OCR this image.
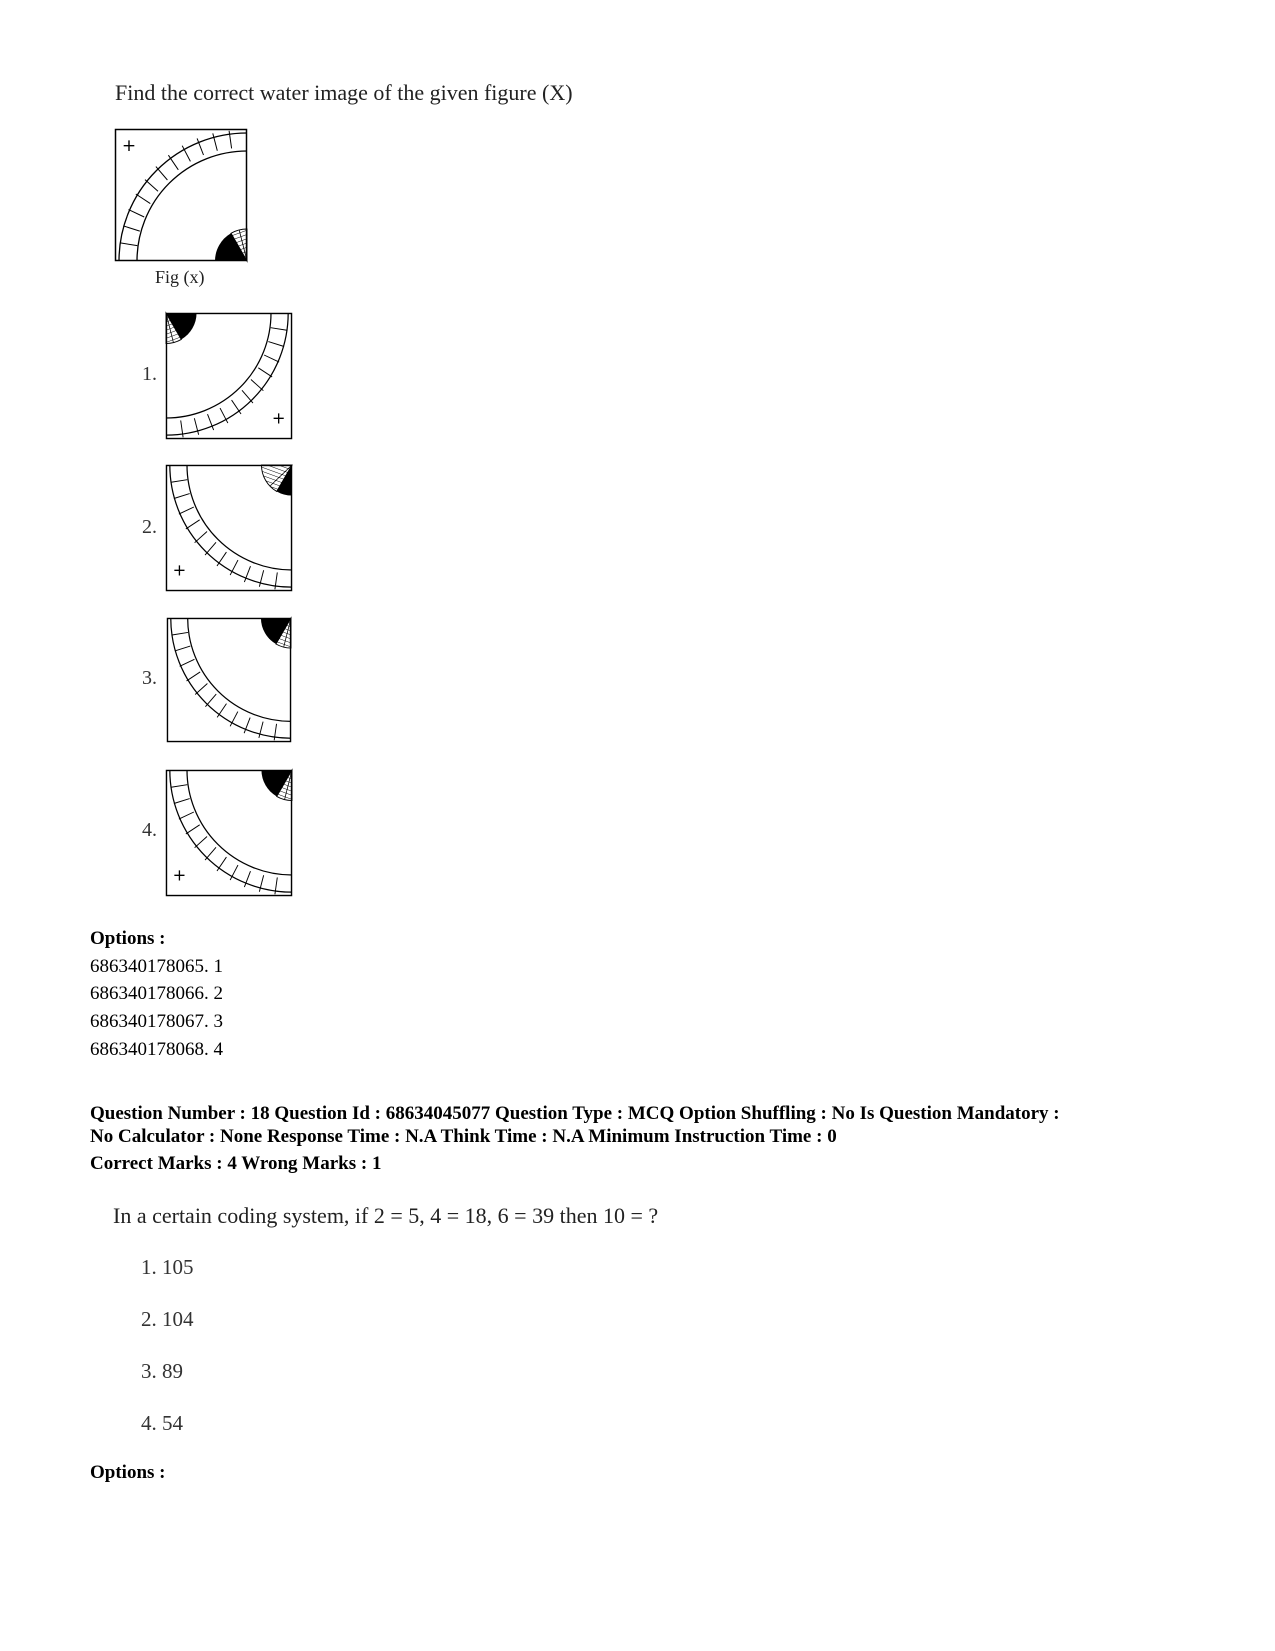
Find the correct water image of the given figure (X)
+
Fig (x)
1.
+
2.
+
3.
4.
+
Options :
686340178065. 1
686340178066. 2
686340178067. 3
686340178068. 4
Question Number : 18 Question Id : 68634045077 Question Type : MCQ Option Shuffling : No Is Question Mandatory :
No Calculator : None Response Time : N.A Think Time : N.A Minimum Instruction Time : 0
Correct Marks : 4 Wrong Marks : 1
In a certain coding system, if 2 = 5, 4 = 18, 6 = 39 then 10 = ?
1. 105
2. 104
3. 89
4. 54
Options :
